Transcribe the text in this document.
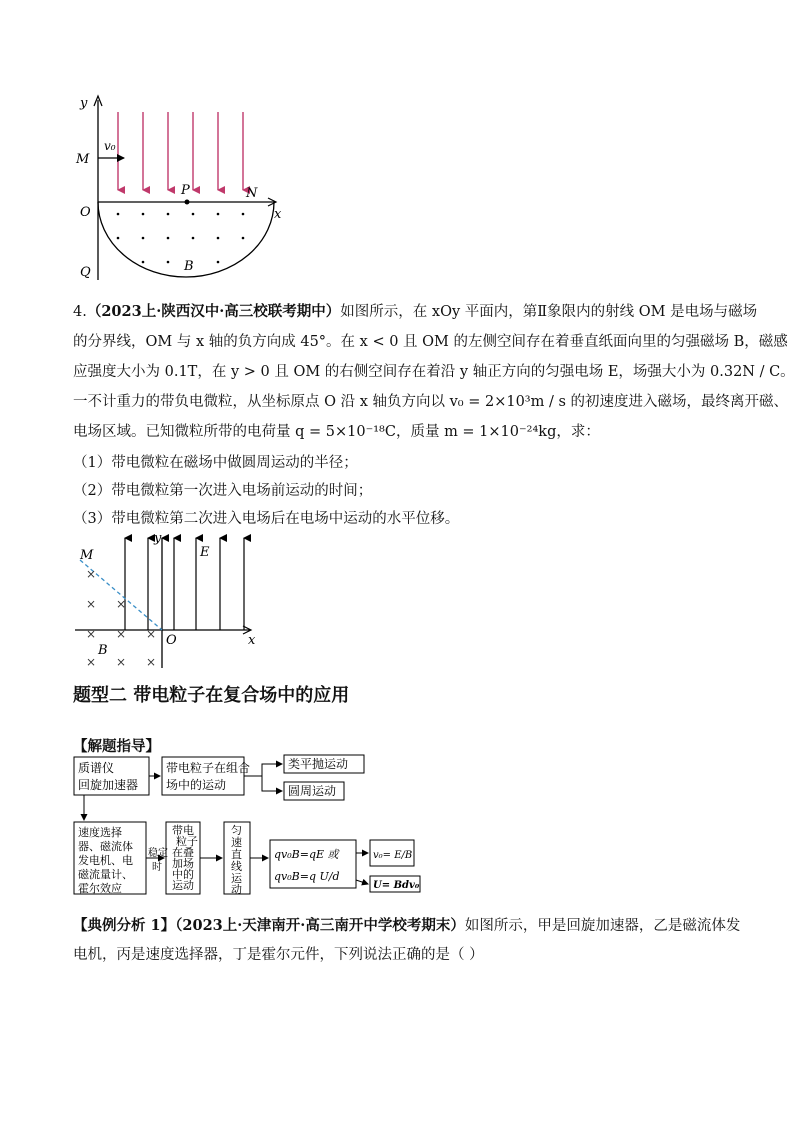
y
x
M
v₀
P	N
O
Q	B
4.（2023上·陕西汉中·高三校联考期中）如图所示，在 xOy 平面内，第Ⅱ象限内的射线 OM 是电场与磁场
的分界线，OM 与 x 轴的负方向成 45°。在 x < 0 且 OM 的左侧空间存在着垂直纸面向里的匀强磁场 B，磁感
应强度大小为 0.1T，在 y > 0 且 OM 的右侧空间存在着沿 y 轴正方向的匀强电场 E，场强大小为 0.32N / C。
一不计重力的带负电微粒，从坐标原点 O 沿 x 轴负方向以 v₀ = 2×10³m / s 的初速度进入磁场，最终离开磁、
电场区域。已知微粒所带的电荷量 q = 5×10⁻¹⁸C，质量 m = 1×10⁻²⁴kg，求：
（1）带电微粒在磁场中做圆周运动的半径；
（2）带电微粒第一次进入电场前运动的时间；
（3）带电微粒第二次进入电场后在电场中运动的水平位移。
×
× ×
× × ×
× × ×
M
y
E
O	x
B
题型二 带电粒子在复合场中的应用
【解题指导】
质谱仪
回旋加速器
带电粒子在组合
场中的运动
类平抛运动
圆周运动
速度选择
器、磁流体
发电机、电
磁流量计、
霍尔效应
稳定
时
带电
粒子
在叠
加场
中的
运动
匀
速
直
线
运
动
qv₀B=qE 或
qv₀B=q U/d
v₀= E/B
U= Bdv₀
【典例分析 1】（2023上·天津南开·高三南开中学校考期末）如图所示，甲是回旋加速器，乙是磁流体发
电机，丙是速度选择器，丁是霍尔元件，下列说法正确的是（ ）
